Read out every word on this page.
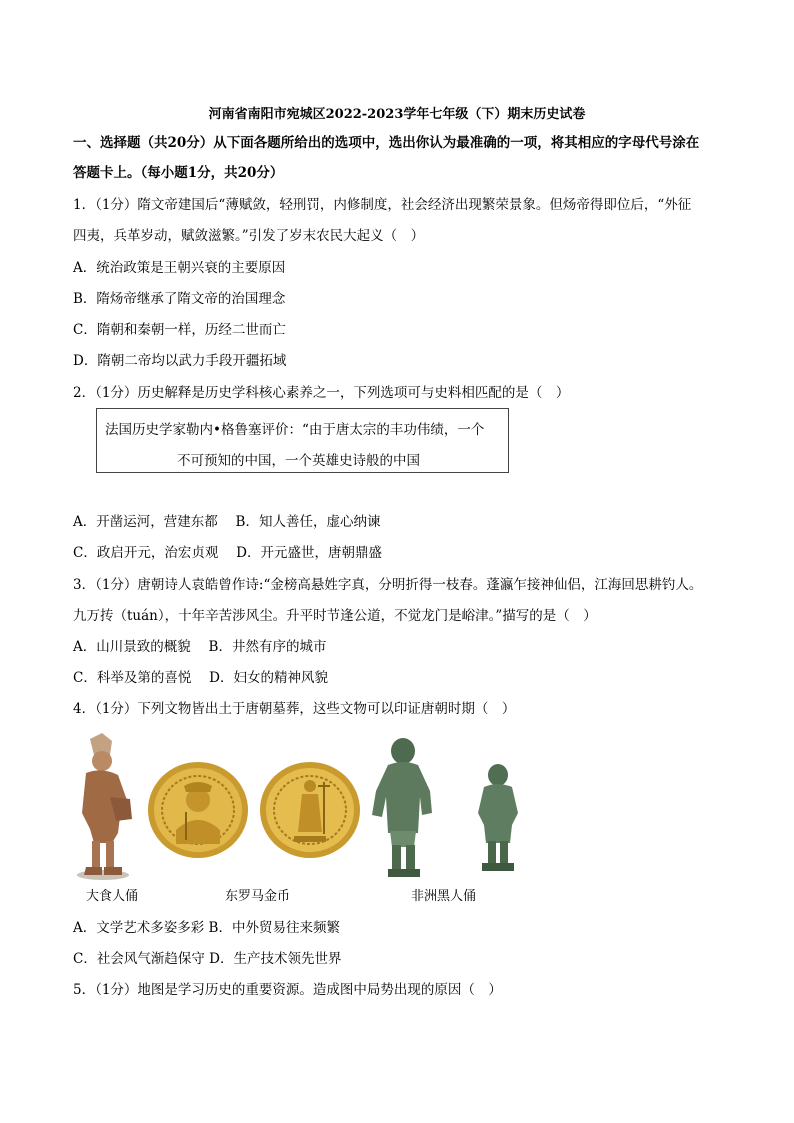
河南省南阳市宛城区2022-2023学年七年级（下）期末历史试卷
一、选择题（共20分）从下面各题所给出的选项中，选出你认为最准确的一项，将其相应的字母代号涂在
答题卡上。（每小题1分，共20分）
1．（1分）隋文帝建国后“薄赋敛，轻刑罚，内修制度，社会经济出现繁荣景象。但炀帝得即位后，“外征
四夷，兵革岁动，赋敛滋繁。”引发了岁末农民大起义（　）
A．统治政策是王朝兴衰的主要原因
B．隋炀帝继承了隋文帝的治国理念
C．隋朝和秦朝一样，历经二世而亡
D．隋朝二帝均以武力手段开疆拓域
2．（1分）历史解释是历史学科核心素养之一，下列选项可与史料相匹配的是（　）
法国历史学家勒内•格鲁塞评价：“由于唐太宗的丰功伟绩，一个
不可预知的中国，一个英雄史诗般的中国
A．开凿运河，营建东都　 B．知人善任，虚心纳谏
C．政启开元，治宏贞观　 D．开元盛世，唐朝鼎盛
3．（1分）唐朝诗人袁皓曾作诗:“金榜高悬姓字真，分明折得一枝春。蓬瀛乍接神仙侣，江海回思耕钓人。
九万抟（tuán），十年辛苦涉风尘。升平时节逢公道，不觉龙门是峪津。”描写的是（　）
A．山川景致的概貌　 B．井然有序的城市
C．科举及第的喜悦　 D．妇女的精神风貌
4．（1分）下列文物皆出土于唐朝墓葬，这些文物可以印证唐朝时期（　）
大食人俑	东罗马金币	非洲黑人俑
A．文学艺术多姿多彩 B．中外贸易往来频繁
C．社会风气渐趋保守 D．生产技术领先世界
5．（1分）地图是学习历史的重要资源。造成图中局势出现的原因（　）
